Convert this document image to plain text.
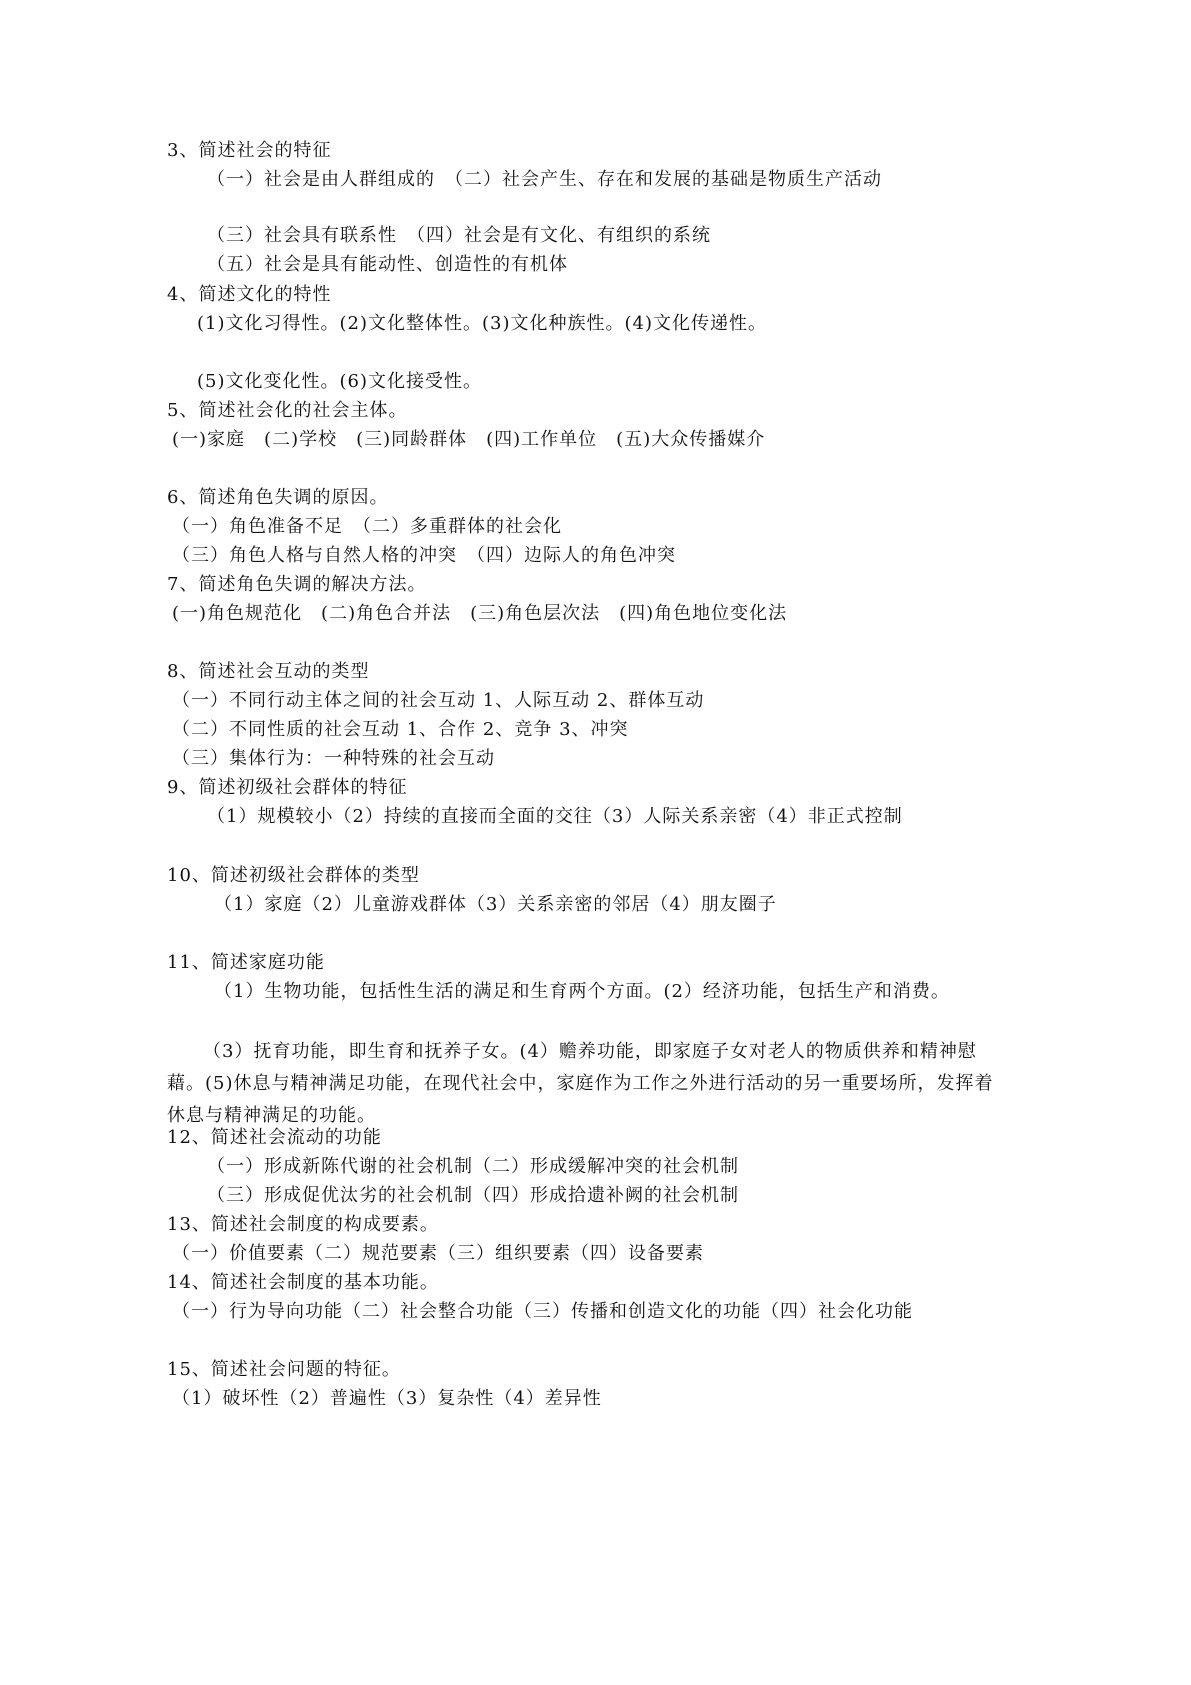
3、简述社会的特征
（一）社会是由人群组成的　（二）社会产生、存在和发展的基础是物质生产活动
（三）社会具有联系性　（四）社会是有文化、有组织的系统
（五）社会是具有能动性、创造性的有机体
4、简述文化的特性
(1)文化习得性。(2)文化整体性。(3)文化种族性。(4)文化传递性。
(5)文化变化性。(6)文化接受性。
5、简述社会化的社会主体。
(一)家庭　(二)学校　(三)同龄群体　(四)工作单位　(五)大众传播媒介
6、简述角色失调的原因。
（一）角色准备不足　（二）多重群体的社会化
（三）角色人格与自然人格的冲突　（四）边际人的角色冲突
7、简述角色失调的解决方法。
(一)角色规范化　(二)角色合并法　(三)角色层次法　(四)角色地位变化法
8、简述社会互动的类型
（一）不同行动主体之间的社会互动 1、人际互动 2、群体互动
（二）不同性质的社会互动 1、合作 2、竞争 3、冲突
（三）集体行为：一种特殊的社会互动
9、简述初级社会群体的特征
（1）规模较小（2）持续的直接而全面的交往（3）人际关系亲密（4）非正式控制
10、简述初级社会群体的类型
（1）家庭（2）儿童游戏群体（3）关系亲密的邻居（4）朋友圈子
11、简述家庭功能
（1）生物功能，包括性生活的满足和生育两个方面。(2）经济功能，包括生产和消费。
（3）抚育功能，即生育和抚养子女。(4）赡养功能，即家庭子女对老人的物质供养和精神慰藉。(5)休息与精神满足功能，在现代社会中，家庭作为工作之外进行活动的另一重要场所，发挥着休息与精神满足的功能。
12、简述社会流动的功能
（一）形成新陈代谢的社会机制（二）形成缓解冲突的社会机制
（三）形成促优汰劣的社会机制（四）形成拾遗补阙的社会机制
13、简述社会制度的构成要素。
（一）价值要素（二）规范要素（三）组织要素（四）设备要素
14、简述社会制度的基本功能。
（一）行为导向功能（二）社会整合功能（三）传播和创造文化的功能（四）社会化功能
15、简述社会问题的特征。
（1）破坏性（2）普遍性（3）复杂性（4）差异性
